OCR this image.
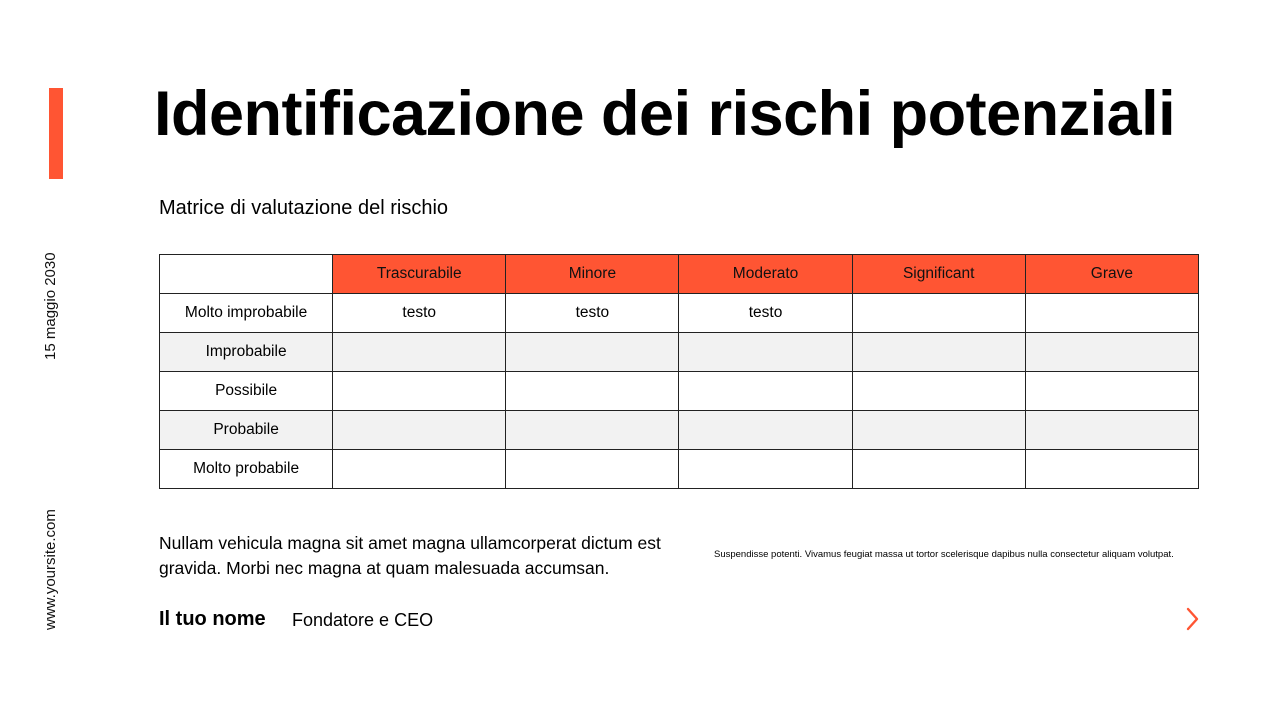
15 maggio 2030
www.yoursite.com
Identificazione dei rischi potenziali
Matrice di valutazione del rischio
	Trascurabile	Minore	Moderato	Significant	Grave
Molto improbabile	testo	testo	testo		
Improbabile					
Possibile					
Probabile					
Molto probabile					
Nullam vehicula magna sit amet magna ullamcorperat dictum est gravida. Morbi nec magna at quam malesuada accumsan.
Suspendisse potenti. Vivamus feugiat massa ut tortor scelerisque dapibus nulla consectetur aliquam volutpat.
Il tuo nome Fondatore e CEO
